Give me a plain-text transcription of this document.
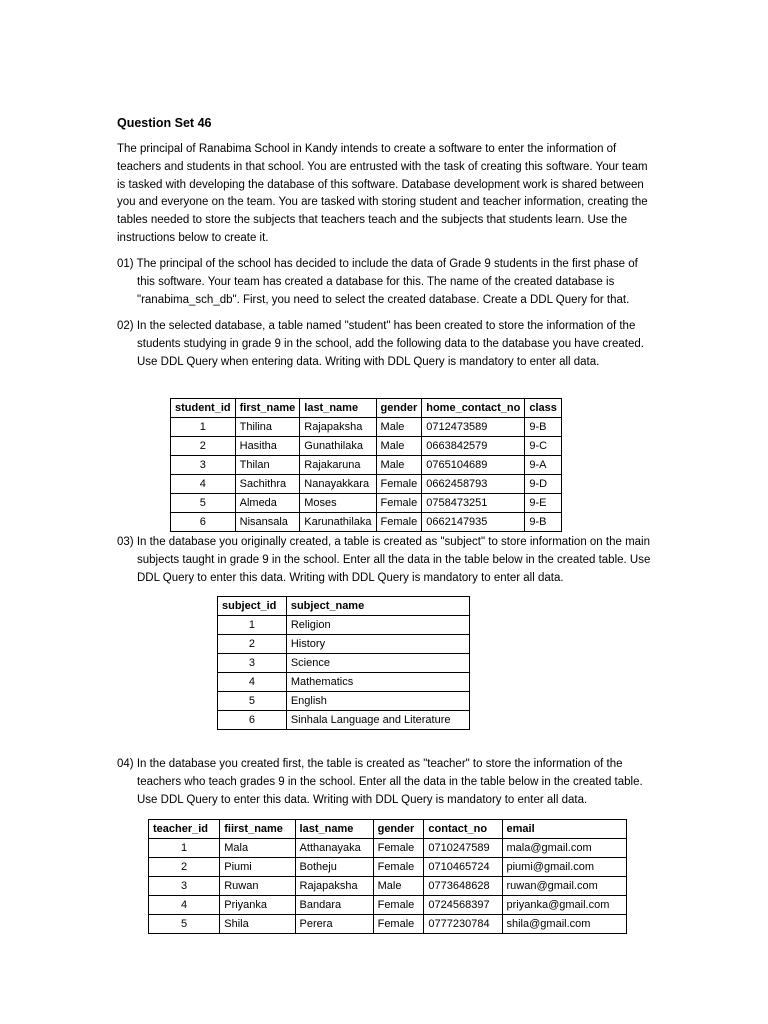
Question Set 46

The principal of Ranabima School in Kandy intends to create a software to enter the information of teachers and students in that school. You are entrusted with the task of creating this software. Your team is tasked with developing the database of this software. Database development work is shared between you and everyone on the team. You are tasked with storing student and teacher information, creating the tables needed to store the subjects that teachers teach and the subjects that students learn. Use the instructions below to create it.

01) The principal of the school has decided to include the data of Grade 9 students in the first phase of this software. Your team has created a database for this. The name of the created database is "ranabima_sch_db". First, you need to select the created database. Create a DDL Query for that.

02) In the selected database, a table named "student" has been created to store the information of the students studying in grade 9 in the school, add the following data to the database you have created. Use DDL Query when entering data. Writing with DDL Query is mandatory to enter all data.

student_id	first_name	last_name	gender	home_contact_no	class
1	Thilina	Rajapaksha	Male	0712473589	9-B
2	Hasitha	Gunathilaka	Male	0663842579	9-C
3	Thilan	Rajakaruna	Male	0765104689	9-A
4	Sachithra	Nanayakkara	Female	0662458793	9-D
5	Almeda	Moses	Female	0758473251	9-E
6	Nisansala	Karunathilaka	Female	0662147935	9-B

03) In the database you originally created, a table is created as "subject" to store information on the main subjects taught in grade 9 in the school. Enter all the data in the table below in the created table. Use DDL Query to enter this data. Writing with DDL Query is mandatory to enter all data.

subject_id	subject_name
1	Religion
2	History
3	Science
4	Mathematics
5	English
6	Sinhala Language and Literature

04) In the database you created first, the table is created as "teacher" to store the information of the teachers who teach grades 9 in the school. Enter all the data in the table below in the created table. Use DDL Query to enter this data. Writing with DDL Query is mandatory to enter all data.

teacher_id	fiirst_name	last_name	gender	contact_no	email
1	Mala	Atthanayaka	Female	0710247589	mala@gmail.com
2	Piumi	Botheju	Female	0710465724	piumi@gmail.com
3	Ruwan	Rajapaksha	Male	0773648628	ruwan@gmail.com
4	Priyanka	Bandara	Female	0724568397	priyanka@gmail.com
5	Shila	Perera	Female	0777230784	shila@gmail.com
